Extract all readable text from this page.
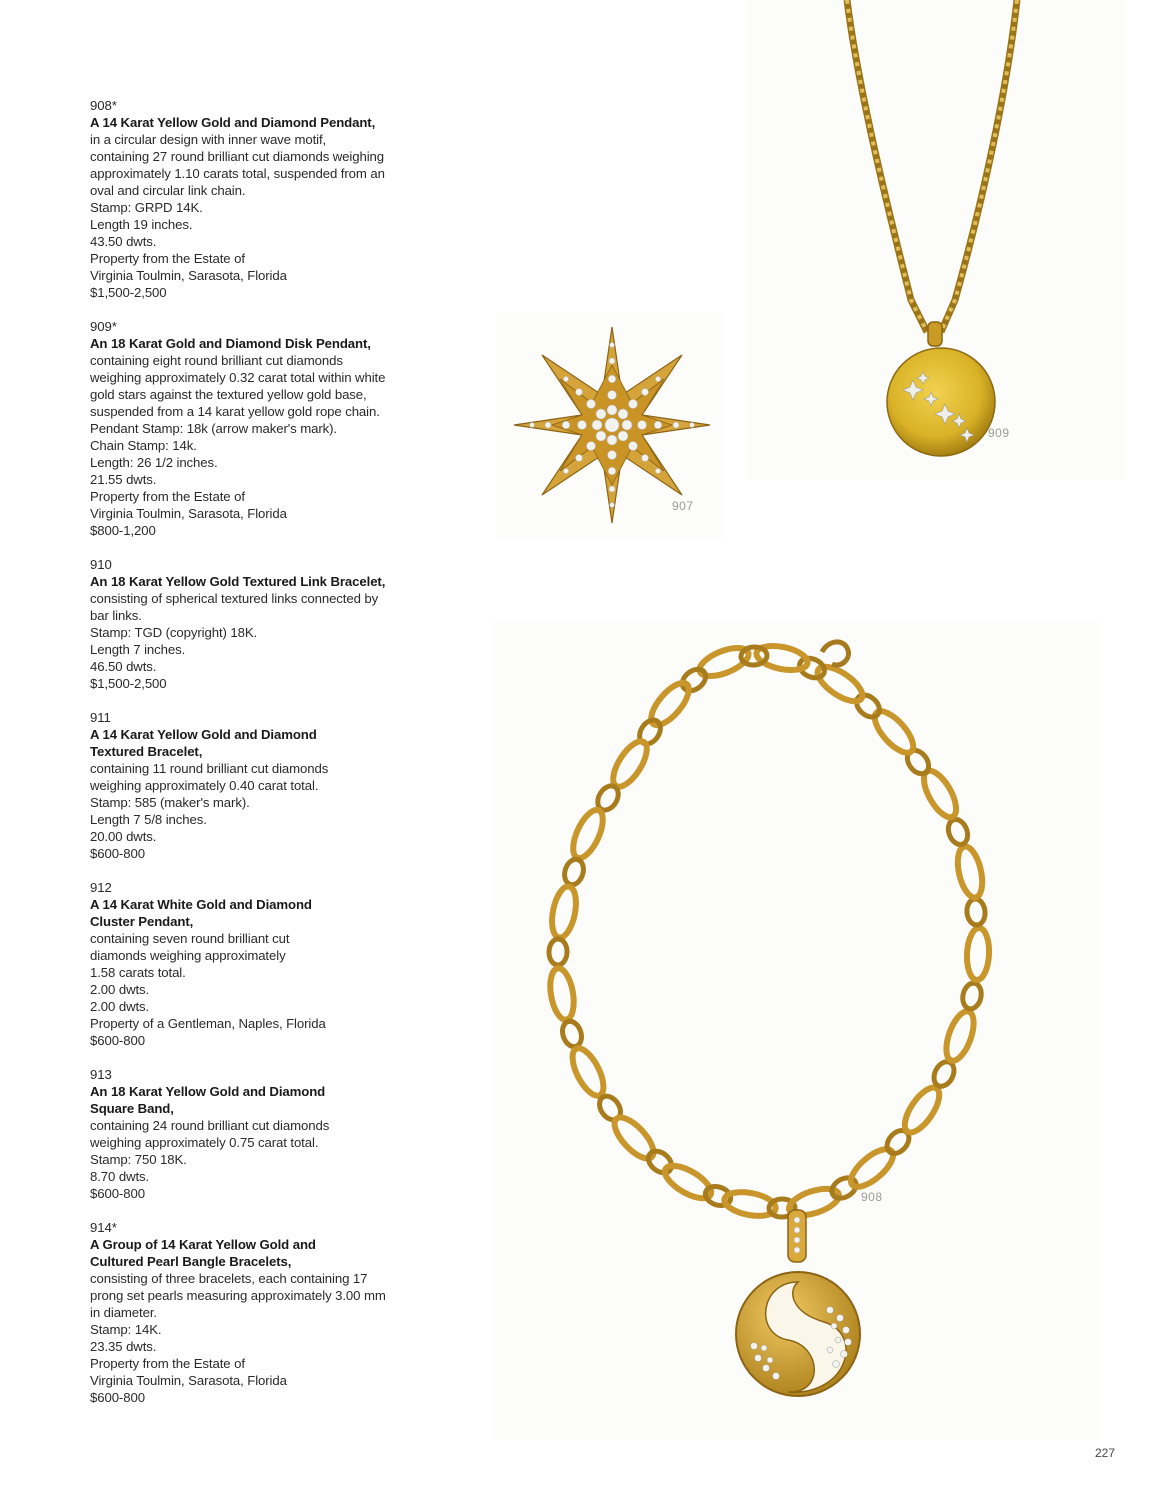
908*
A 14 Karat Yellow Gold and Diamond Pendant,
in a circular design with inner wave motif,
containing 27 round brilliant cut diamonds weighing
approximately 1.10 carats total, suspended from an
oval and circular link chain.
Stamp: GRPD 14K.
Length 19 inches.
43.50 dwts.
Property from the Estate of
Virginia Toulmin, Sarasota, Florida
$1,500-2,500
909*
An 18 Karat Gold and Diamond Disk Pendant,
containing eight round brilliant cut diamonds
weighing approximately 0.32 carat total within white
gold stars against the textured yellow gold base,
suspended from a 14 karat yellow gold rope chain.
Pendant Stamp: 18k (arrow maker's mark).
Chain Stamp: 14k.
Length: 26 1/2 inches.
21.55 dwts.
Property from the Estate of
Virginia Toulmin, Sarasota, Florida
$800-1,200
910
An 18 Karat Yellow Gold Textured Link Bracelet,
consisting of spherical textured links connected by
bar links.
Stamp: TGD (copyright) 18K.
Length 7 inches.
46.50 dwts.
$1,500-2,500
911
A 14 Karat Yellow Gold and Diamond Textured Bracelet,
containing 11 round brilliant cut diamonds
weighing approximately 0.40 carat total.
Stamp: 585 (maker's mark).
Length 7 5/8 inches.
20.00 dwts.
$600-800
912
A 14 Karat White Gold and Diamond Cluster Pendant,
containing seven round brilliant cut
diamonds weighing approximately
1.58 carats total.
2.00 dwts.
2.00 dwts.
Property of a Gentleman, Naples, Florida
$600-800
913
An 18 Karat Yellow Gold and Diamond Square Band,
containing 24 round brilliant cut diamonds
weighing approximately 0.75 carat total.
Stamp: 750 18K.
8.70 dwts.
$600-800
914*
A Group of 14 Karat Yellow Gold and Cultured Pearl Bangle Bracelets,
consisting of three bracelets, each containing 17
prong set pearls measuring approximately 3.00 mm
in diameter.
Stamp: 14K.
23.35 dwts.
Property from the Estate of
Virginia Toulmin, Sarasota, Florida
$600-800
909
907
908
227
